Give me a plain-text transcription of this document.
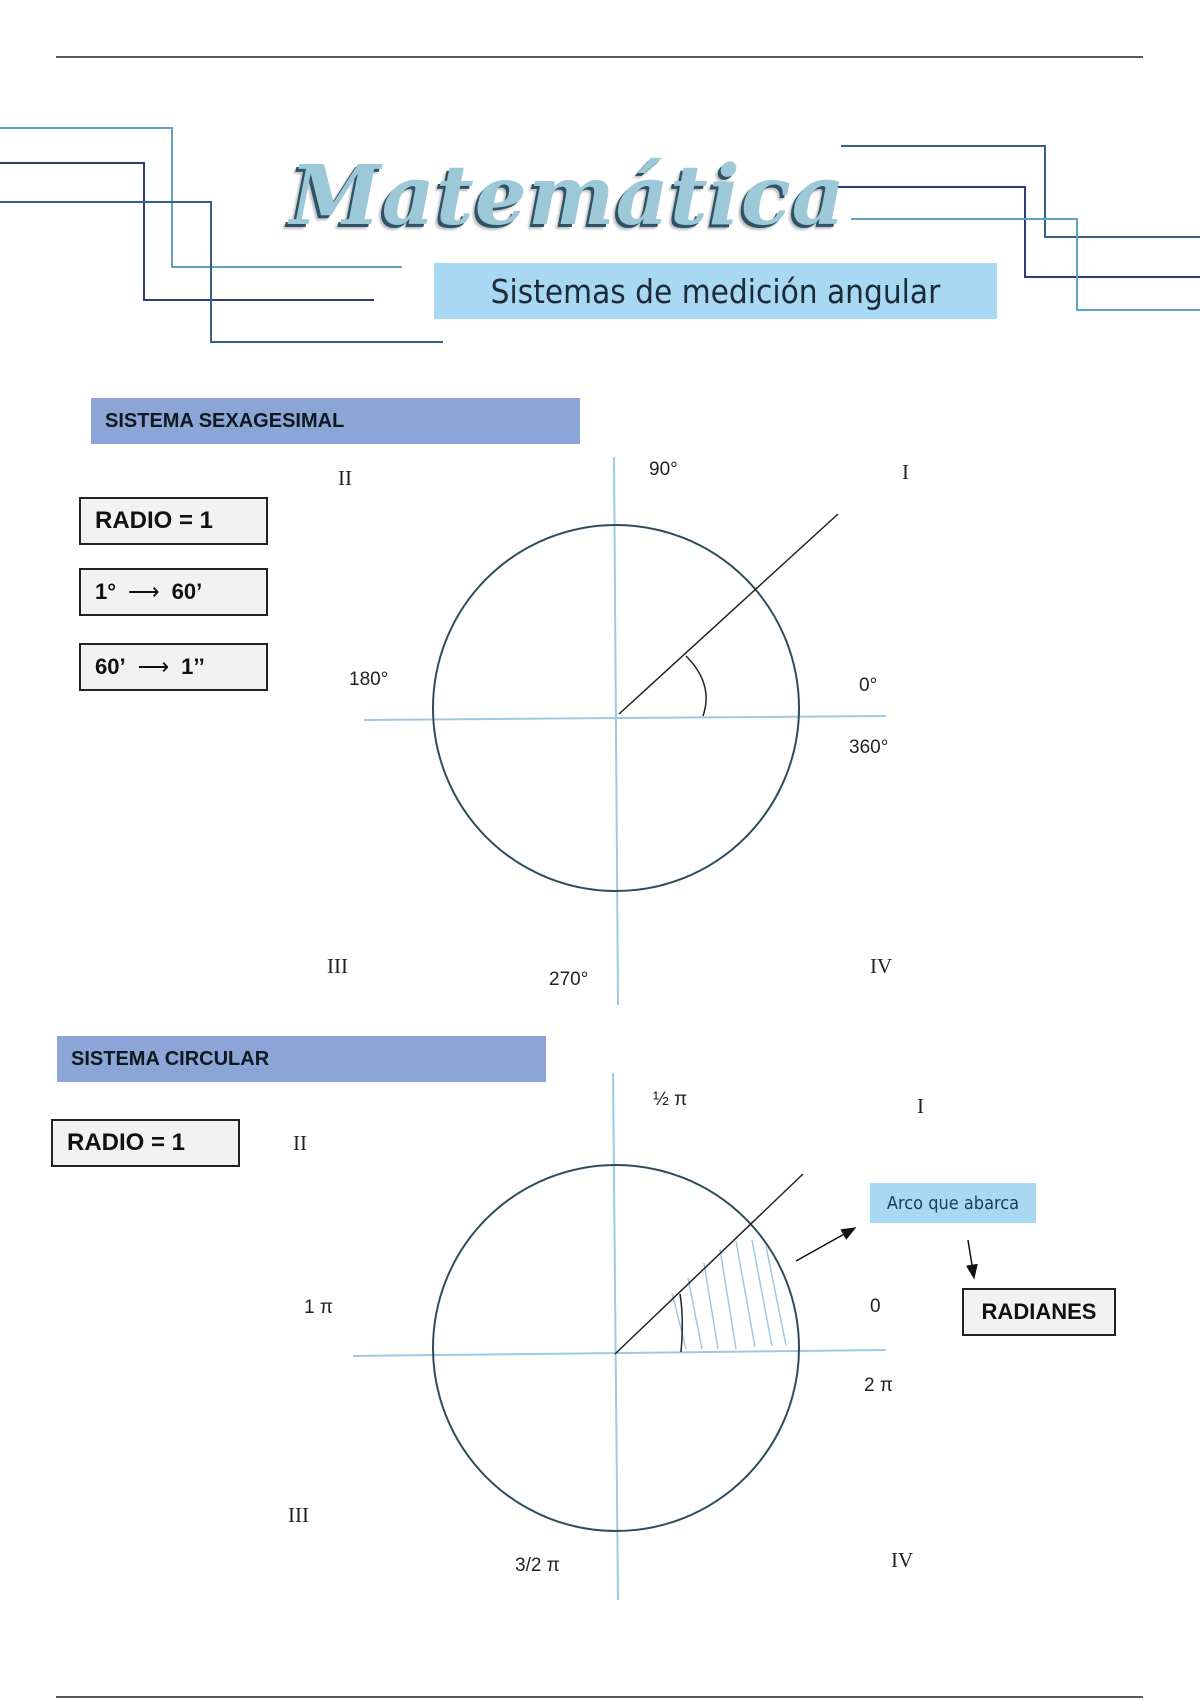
Matemática
Sistemas de medición angular
SISTEMA SEXAGESIMAL
RADIO = 1
1° ⟶ 60’
60’ ⟶ 1’’
90°
180°	0°
360°
270°
I
II
III	IV
SISTEMA CIRCULAR
RADIO = 1
½ π
1 π	0
2 π
3/2 π
I
II
III
IV
Arco que abarca
RADIANES
